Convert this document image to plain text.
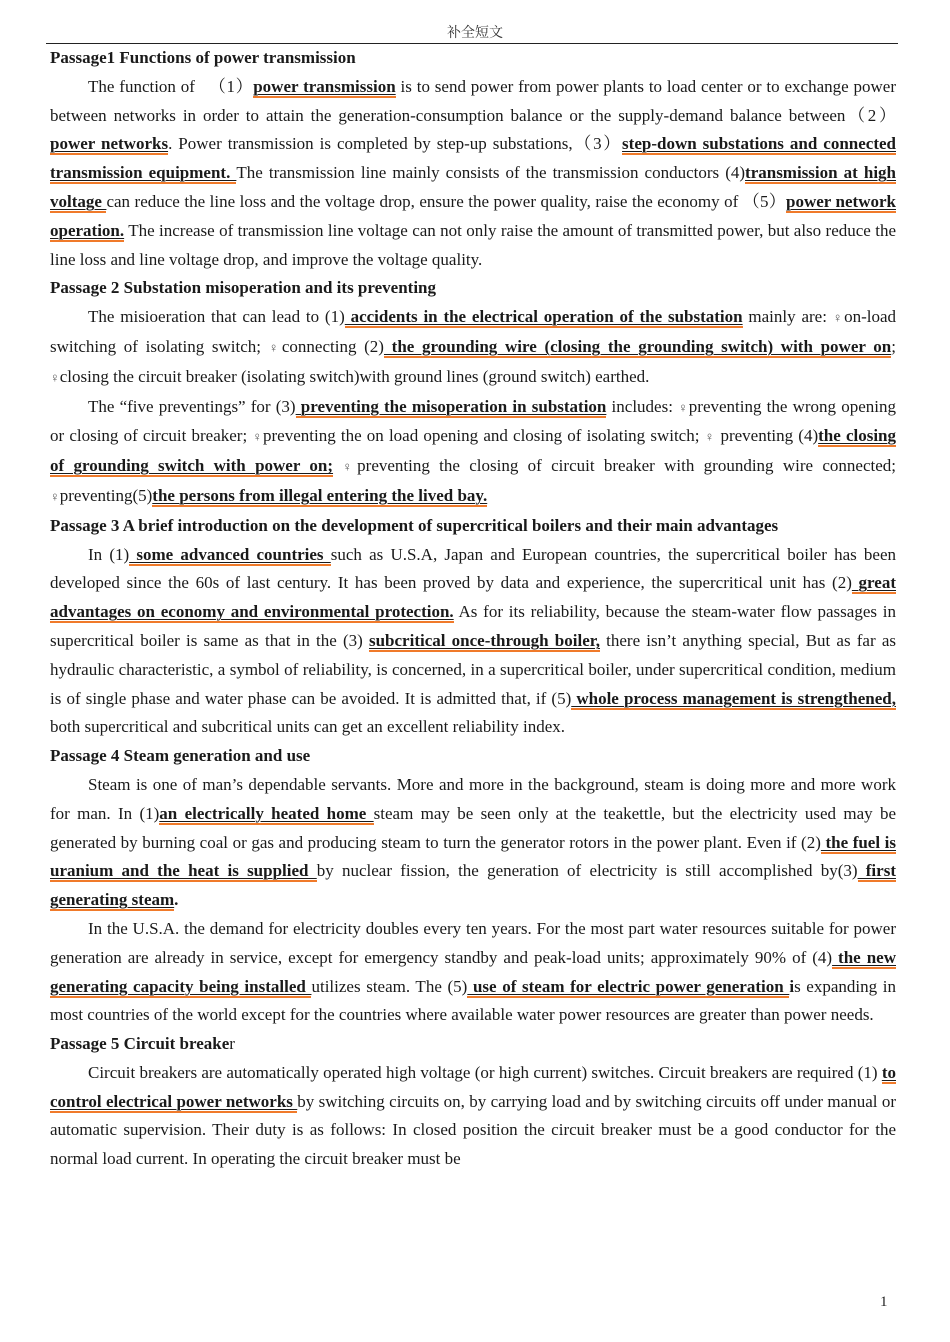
补全短文
Passage1 Functions of power transmission

The function of 　（1）power transmission is to send power from power plants to load center or to exchange power between networks in order to attain the generation-consumption balance or the supply-demand balance between（2）power networks. Power transmission is completed by step-up substations,（3）step-down substations and connected transmission equipment. The transmission line mainly consists of the transmission conductors (4)transmission at high voltage can reduce the line loss and the voltage drop, ensure the power quality, raise the economy of （5）power network operation. The increase of transmission line voltage can not only raise the amount of transmitted power, but also reduce the line loss and line voltage drop, and improve the voltage quality.

Passage 2 Substation misoperation and its preventing

The misioeration that can lead to (1) accidents in the electrical operation of the substation mainly are: ♀on-load switching of isolating switch; ♀connecting (2) the grounding wire (closing the grounding switch) with power on; ♀closing the circuit breaker (isolating switch)with ground lines (ground switch) earthed.

The “five preventings” for (3) preventing the misoperation in substation includes: ♀preventing the wrong opening or closing of circuit breaker; ♀preventing the on load opening and closing of isolating switch; ♀ preventing (4)the closing of grounding switch with power on; ♀preventing the closing of circuit breaker with grounding wire connected; ♀preventing(5)the persons from illegal entering the lived bay.

Passage 3 A brief introduction on the development of supercritical boilers and their main advantages

In (1) some advanced countries such as U.S.A, Japan and European countries, the supercritical boiler has been developed since the 60s of last century. It has been proved by data and experience, the supercritical unit has (2) great advantages on economy and environmental protection. As for its reliability, because the steam-water flow passages in supercritical boiler is same as that in the (3) subcritical once-through boiler, there isn’t anything special, But as far as hydraulic characteristic, a symbol of reliability, is concerned, in a supercritical boiler, under supercritical condition, medium is of single phase and water phase can be avoided. It is admitted that, if (5) whole process management is strengthened, both supercritical and subcritical units can get an excellent reliability index.

Passage 4 Steam generation and use

Steam is one of man’s dependable servants. More and more in the background, steam is doing more and more work for man. In (1)an electrically heated home steam may be seen only at the teakettle, but the electricity used may be generated by burning coal or gas and producing steam to turn the generator rotors in the power plant. Even if (2) the fuel is uranium and the heat is supplied by nuclear fission, the generation of electricity is still accomplished by(3) first generating steam.

In the U.S.A. the demand for electricity doubles every ten years. For the most part water resources suitable for power generation are already in service, except for emergency standby and peak-load units; approximately 90% of (4) the new generating capacity being installed utilizes steam. The (5) use of steam for electric power generation is expanding in most countries of the world except for the countries where available water power resources are greater than power needs.

Passage 5 Circuit breaker

Circuit breakers are automatically operated high voltage (or high current) switches. Circuit breakers are required (1) to control electrical power networks by switching circuits on, by carrying load and by switching circuits off under manual or automatic supervision. Their duty is as follows: In closed position the circuit breaker must be a good conductor for the normal load current. In operating the circuit breaker must be

1
